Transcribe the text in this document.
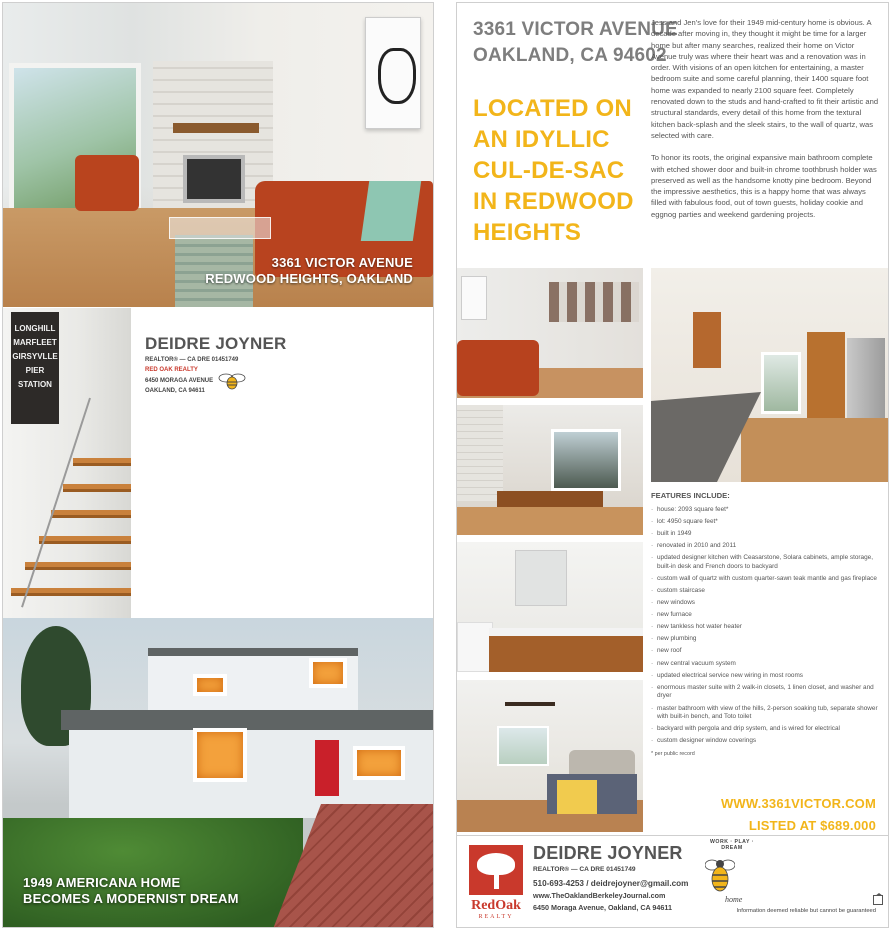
3361 VICTOR AVENUE
REDWOOD HEIGHTS, OAKLAND
LONGHILL
MARFLEET
GIRSYVLLE
PIER
STATION
DEIDRE JOYNER
REALTOR® — CA DRE 01451749
RED OAK REALTY
6450 MORAGA AVENUE
OAKLAND, CA 94611
1949 AMERICANA HOME
BECOMES A MODERNIST DREAM
3361 VICTOR AVENUE
OAKLAND, CA 94602
LOCATED ON AN IDYLLIC CUL-DE-SAC IN REDWOOD HEIGHTS

Jess and Jen's love for their 1949 mid-century home is obvious. A decade after moving in, they thought it might be time for a larger home but after many searches, realized their home on Victor Avenue truly was where their heart was and a renovation was in order. With visions of an open kitchen for entertaining, a master bedroom suite and some careful planning, their 1400 square foot home was expanded to nearly 2100 square feet. Completely renovated down to the studs and hand-crafted to fit their artistic and structural standards, every detail of this home from the textural kitchen back-splash and the sleek stairs, to the wall of quartz, was selected with care.

To honor its roots, the original expansive main bathroom complete with etched shower door and built-in chrome toothbrush holder was preserved as well as the handsome knotty pine bedroom. Beyond the impressive aesthetics, this is a happy home that was always filled with fabulous food, out of town guests, holiday cookie and eggnog parties and weekend gardening projects.

FEATURES INCLUDE:
· house: 2093 square feet*
· lot: 4950 square feet*
· built in 1949
· renovated in 2010 and 2011
· updated designer kitchen with Ceasarstone, Solara cabinets, ample storage, built-in desk and French doors to backyard
· custom wall of quartz with custom quarter-sawn teak mantle and gas fireplace
· custom staircase
· new windows
· new furnace
· new tankless hot water heater
· new plumbing
· new roof
· new central vacuum system
· updated electrical service new wiring in most rooms
· enormous master suite with 2 walk-in closets, 1 linen closet, and washer and dryer
· master bathroom with view of the hills, 2-person soaking tub, separate shower with built-in bench, and Toto toilet
· backyard with pergola and drip system, and is wired for electrical
· custom designer window coverings
* per public record
WWW.3361VICTOR.COM
LISTED AT $689.000
RedOak
REALTY
DEIDRE JOYNER
REALTOR® — CA DRE 01451749
510-693-4253 / deidrejoyner@gmail.com
www.TheOaklandBerkeleyJournal.com
6450 Moraga Avenue, Oakland, CA 94611
WORK · PLAY · DREAM
home
Information deemed reliable but cannot be guaranteed
